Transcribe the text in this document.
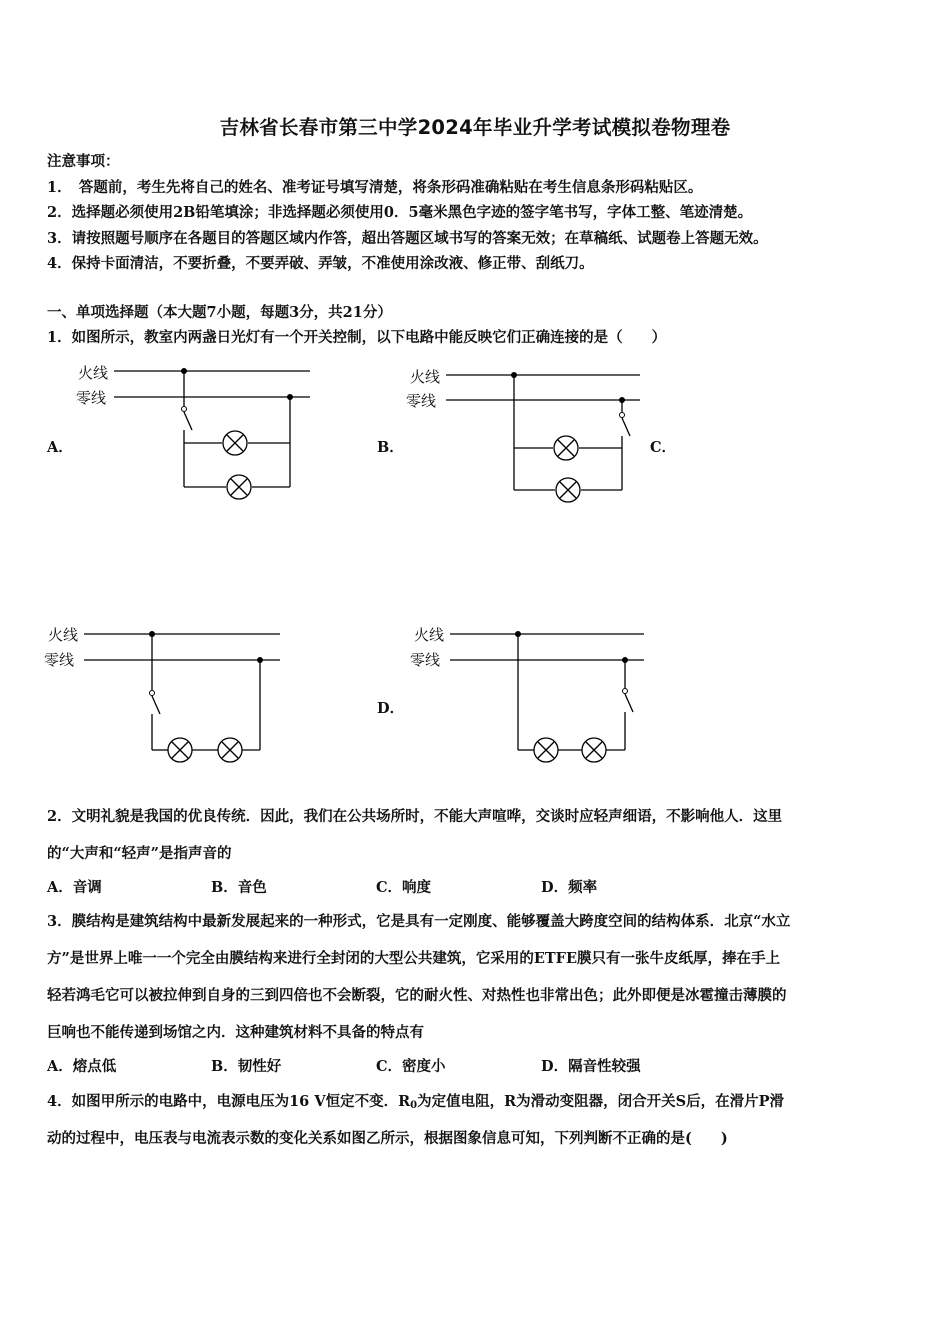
吉林省长春市第三中学2024年毕业升学考试模拟卷物理卷
注意事项：
1．　答题前，考生先将自己的姓名、准考证号填写清楚，将条形码准确粘贴在考生信息条形码粘贴区。
2．选择题必须使用2B铅笔填涂；非选择题必须使用0．5毫米黑色字迹的签字笔书写，字体工整、笔迹清楚。
3．请按照题号顺序在各题目的答题区域内作答，超出答题区域书写的答案无效；在草稿纸、试题卷上答题无效。
4．保持卡面清洁，不要折叠，不要弄破、弄皱，不准使用涂改液、修正带、刮纸刀。
一、单项选择题（本大题7小题，每题3分，共21分）
1．如图所示，教室内两盏日光灯有一个开关控制，以下电路中能反映它们正确连接的是（　　）
火线
零线
A．
火线
零线
B．	C．
火线
零线
火线
零线
D．
2．文明礼貌是我国的优良传统．因此，我们在公共场所时，不能大声喧哗，交谈时应轻声细语，不影响他人．这里
的“大声和“轻声”是指声音的
A．音调	B．音色	C．响度	D．频率
3．膜结构是建筑结构中最新发展起来的一种形式，它是具有一定刚度、能够覆盖大跨度空间的结构体系．北京“水立
方”是世界上唯一一个完全由膜结构来进行全封闭的大型公共建筑，它采用的ETFE膜只有一张牛皮纸厚，捧在手上
轻若鸿毛它可以被拉伸到自身的三到四倍也不会断裂，它的耐火性、对热性也非常出色；此外即便是冰雹撞击薄膜的
巨响也不能传递到场馆之内．这种建筑材料不具备的特点有
A．熔点低	B．韧性好	C．密度小	D．隔音性较强
4．如图甲所示的电路中，电源电压为16 V恒定不变．$R_0$为定值电阻，R为滑动变阻器，闭合开关S后，在滑片P滑
动的过程中，电压表与电流表示数的变化关系如图乙所示，根据图象信息可知，下列判断不正确的是(　　)
